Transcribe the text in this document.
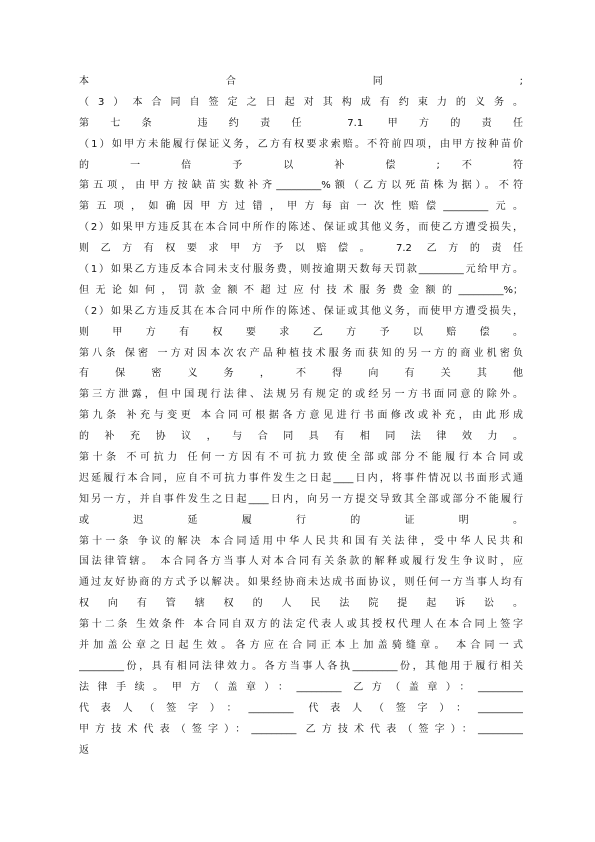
本 合 同 ;
（3）本合同自签定之日起对其构成有约束力的义务。
第七条 违约责任 7.1 甲方的责任
（1）如甲方未能履行保证义务，乙方有权要求索赔。不符前四项，由甲方按种苗价
的 一 倍 予 以 补 偿 ; 不 符
第五项，由甲方按缺苗实数补齐_________%额（乙方以死苗株为据）。不符
第五项，如确因甲方过错，甲方每亩一次性赔偿_________元。
（2）如果甲方违反其在本合同中所作的陈述、保证或其他义务，而使乙方遭受损失，
则乙方有权要求甲方予以赔偿。 7.2 乙方的责任
（1）如果乙方违反本合同未支付服务费，则按逾期天数每天罚款_________元给甲方。
但无论如何，罚款金额不超过应付技术服务费金额的_________%；
（2）如果乙方违反其在本合同中所作的陈述、保证或其他义务，而使甲方遭受损失，
则 甲 方 有 权 要 求 乙 方 予 以 赔 偿 。
第八条 保密 一方对因本次农产品种植技术服务而获知的另一方的商业机密负
有 保 密 义 务 ， 不 得 向 有 关 其 他
第三方泄露，但中国现行法律、法规另有规定的或经另一方书面同意的除外。
第九条 补充与变更 本合同可根据各方意见进行书面修改或补充，由此形成
的补充协议，与合同具有相同法律效力。
第十条 不可抗力 任何一方因有不可抗力致使全部或部分不能履行本合同或
迟延履行本合同，应自不可抗力事件发生之日起____日内，将事件情况以书面形式通
知另一方，并自事件发生之日起____日内，向另一方提交导致其全部或部分不能履行
或 迟 延 履 行 的 证 明 。
第十一条 争议的解决 本合同适用中华人民共和国有关法律，受中华人民共和
国法律管辖。 本合同各方当事人对本合同有关条款的解释或履行发生争议时，应
通过友好协商的方式予以解决。如果经协商未达成书面协议，则任何一方当事人均有
权 向 有 管 辖 权 的 人 民 法 院 提 起 诉 讼 。
第十二条 生效条件 本合同自双方的法定代表人或其授权代理人在本合同上签字
并加盖公章之日起生效。各方应在合同正本上加盖骑缝章。 本合同一式
_________份，具有相同法律效力。各方当事人各执_________份，其他用于履行相关
法律手续。甲方（盖章）：_________ 乙方（盖章）：_________
代表人（签字）：_________ 代表人（签字）：_________
甲方技术代表（签字）：_________ 乙方技术代表（签字）：_________
返
